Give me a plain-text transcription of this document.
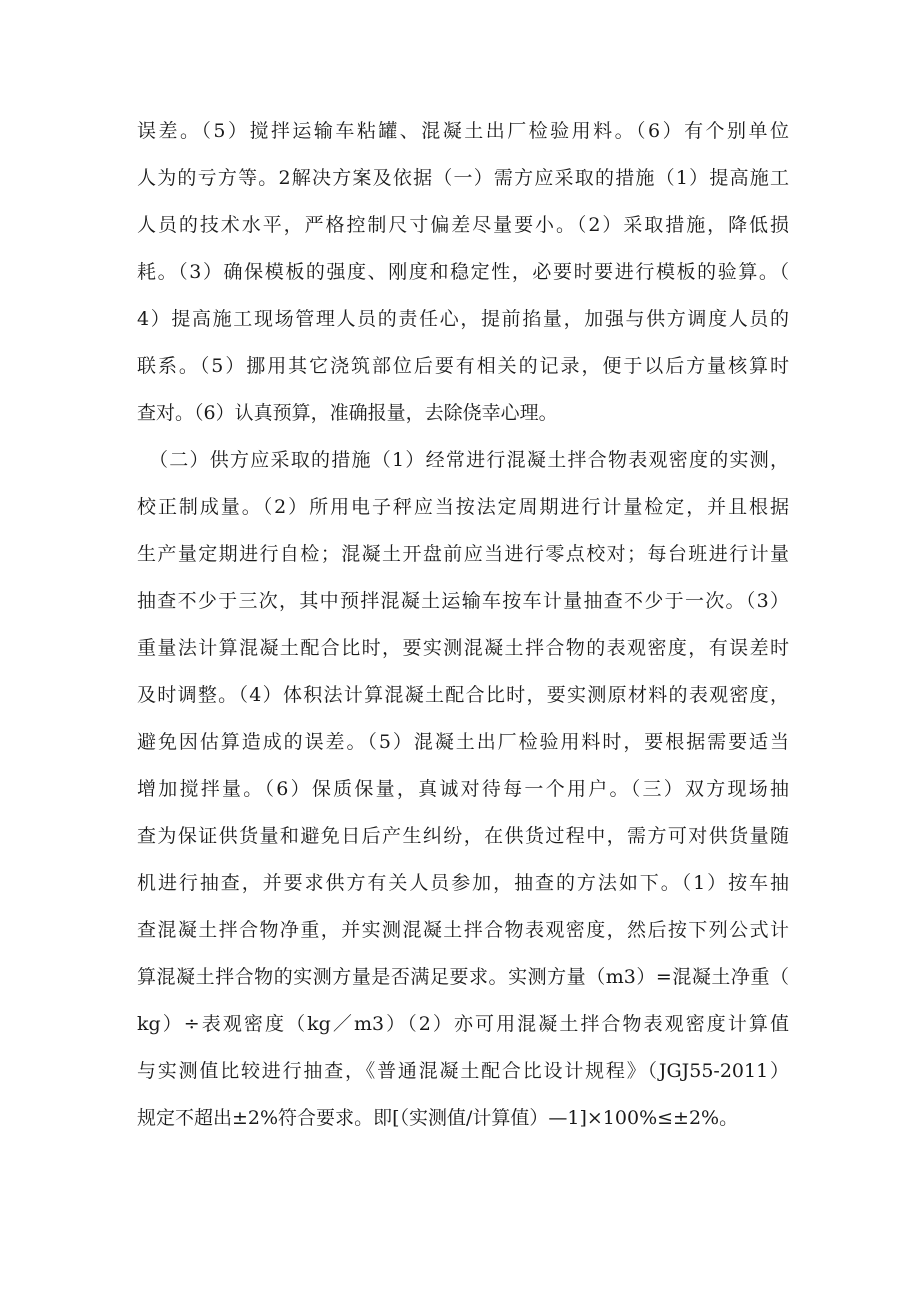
误差。（5）搅拌运输车粘罐、混凝土出厂检验用料。（6）有个别单位
人为的亏方等。2解决方案及依据（一）需方应采取的措施（1）提高施工
人员的技术水平，严格控制尺寸偏差尽量要小。（2）采取措施，降低损
耗。（3）确保模板的强度、刚度和稳定性，必要时要进行模板的验算。（
4）提高施工现场管理人员的责任心，提前掐量，加强与供方调度人员的
联系。（5）挪用其它浇筑部位后要有相关的记录，便于以后方量核算时
查对。（6）认真预算，准确报量，去除侥幸心理。
（二）供方应采取的措施（1）经常进行混凝土拌合物表观密度的实测，
校正制成量。（2）所用电子秤应当按法定周期进行计量检定，并且根据
生产量定期进行自检；混凝土开盘前应当进行零点校对；每台班进行计量
抽查不少于三次，其中预拌混凝土运输车按车计量抽查不少于一次。（3）
重量法计算混凝土配合比时，要实测混凝土拌合物的表观密度，有误差时
及时调整。（4）体积法计算混凝土配合比时，要实测原材料的表观密度，
避免因估算造成的误差。（5）混凝土出厂检验用料时，要根据需要适当
增加搅拌量。（6）保质保量，真诚对待每一个用户。（三）双方现场抽
查为保证供货量和避免日后产生纠纷，在供货过程中，需方可对供货量随
机进行抽查，并要求供方有关人员参加，抽查的方法如下。（1）按车抽
查混凝土拌合物净重，并实测混凝土拌合物表观密度，然后按下列公式计
算混凝土拌合物的实测方量是否满足要求。实测方量（m3）=混凝土净重（
kg）÷表观密度（kg／m3）（2）亦可用混凝土拌合物表观密度计算值
与实测值比较进行抽查，《普通混凝土配合比设计规程》（JGJ55-2011）
规定不超出±2%符合要求。即[（实测值/计算值）—1]×100%≤±2%。
